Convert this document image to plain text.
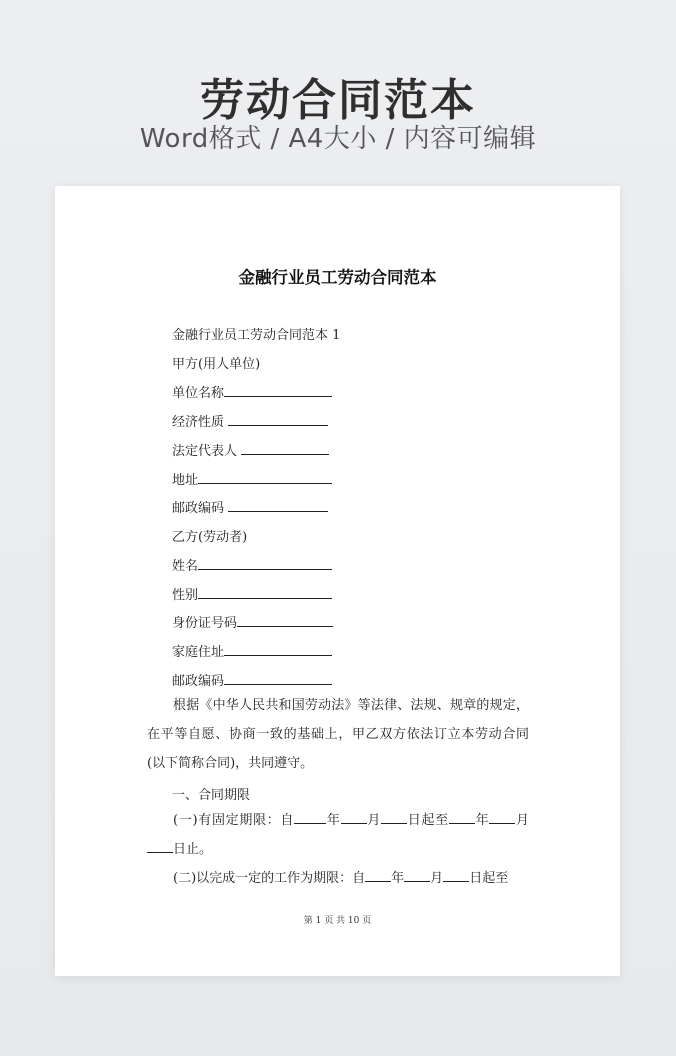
劳动合同范本
Word格式 / A4大小 / 内容可编辑
金融行业员工劳动合同范本
金融行业员工劳动合同范本 1
甲方(用人单位)
单位名称
经济性质
法定代表人
地址
邮政编码
乙方(劳动者)
姓名
性别
身份证号码
家庭住址
邮政编码
根据《中华人民共和国劳动法》等法律、法规、规章的规定，在平等自愿、协商一致的基础上，甲乙双方依法订立本劳动合同(以下简称合同)，共同遵守。
一、合同期限
(一)有固定期限：自 年 月 日起至 年 月日止。
(二)以完成一定的工作为期限：自 年 月 日起至
第 1 页 共 10 页
